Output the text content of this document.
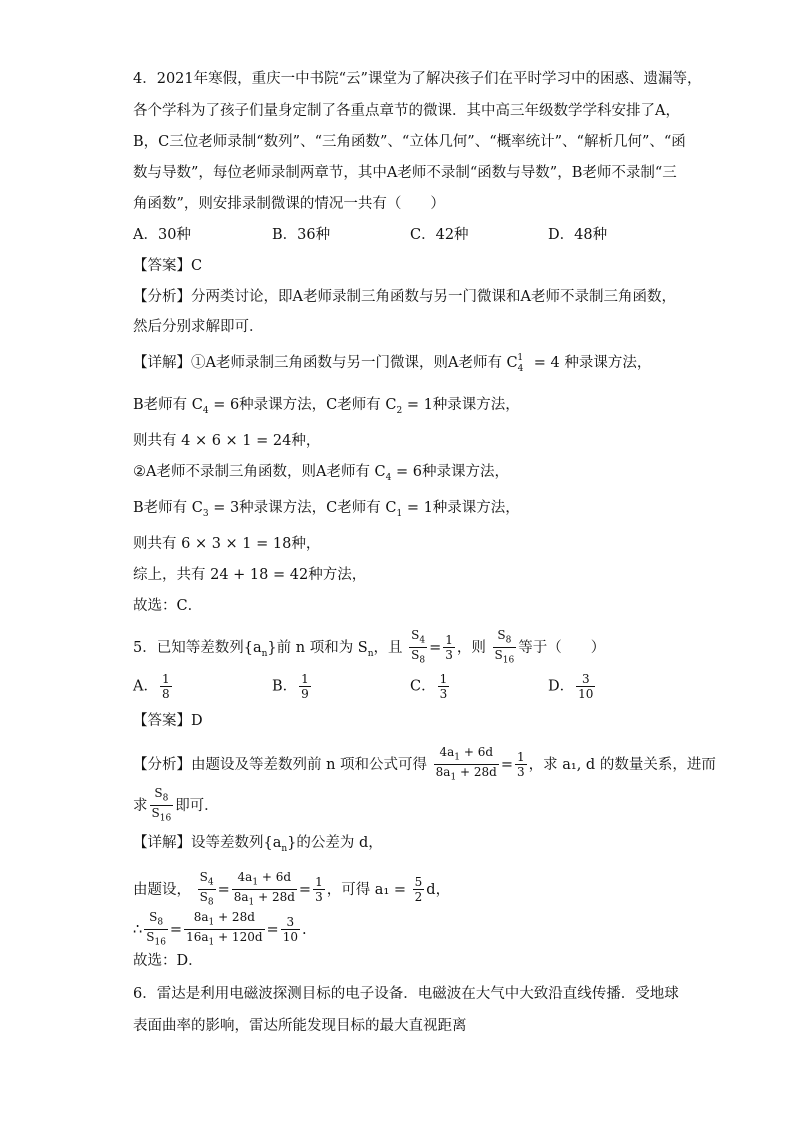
4．2021年寒假，重庆一中书院“云”课堂为了解决孩子们在平时学习中的困惑、遗漏等，
各个学科为了孩子们量身定制了各重点章节的微课．其中高三年级数学学科安排了A，
B，C三位老师录制“数列”、“三角函数”、“立体几何”、“概率统计”、“解析几何”、“函
数与导数”，每位老师录制两章节，其中A老师不录制“函数与导数”，B老师不录制“三
角函数”，则安排录制微课的情况一共有（　　）
A．30种	B．36种	C．42种	D．48种
【答案】C
【分析】分两类讨论，即A老师录制三角函数与另一门微课和A老师不录制三角函数，
然后分别求解即可．
【详解】①A老师录制三角函数与另一门微课，则A老师有 $C_4^1 = 4$ 种录课方法，
B老师有 $C_4 = 6$种录课方法，C老师有 $C_2 = 1$种录课方法，
则共有 4 × 6 × 1 = 24种，
②A老师不录制三角函数，则A老师有 $C_4 = 6$种录课方法，
B老师有 $C_3 = 3$种录课方法，C老师有 $C_1 = 1$种录课方法，
则共有 6 × 3 × 1 = 18种，
综上，共有 24 + 18 = 42种方法，
故选：C．
5．已知等差数列$\{a_n\}$前 n 项和为 $S_n$，且 $\frac{S_4}{S_8} = \frac{1}{3}$ ，则 $\frac{S_8}{S_{16}}$ 等于（　　）
A． $\frac{1}{8}$	B． $\frac{1}{9}$	C． $\frac{1}{3}$	D． $\frac{3}{10}$
【答案】D
【分析】由题设及等差数列前 n 项和公式可得 $\frac{4a_1 + 6d}{8a_1 + 28d} = \frac{1}{3}$ ，求 a₁, d 的数量关系，进而
求 $\frac{S_8}{S_{16}}$ 即可．
【详解】设等差数列$\{a_n\}$的公差为 d，
由题设， $\frac{S_4}{S_8} = \frac{4a_1 + 6d}{8a_1 + 28d} = \frac{1}{3}$ ，可得 $a_1 = \frac{5}{2}$ d，
∴ $\frac{S_8}{S_{16}} = \frac{8a_1 + 28d}{16a_1 + 120d} = \frac{3}{10}$ .
故选：D．
6．雷达是利用电磁波探测目标的电子设备．电磁波在大气中大致沿直线传播．受地球
表面曲率的影响，雷达所能发现目标的最大直视距离
